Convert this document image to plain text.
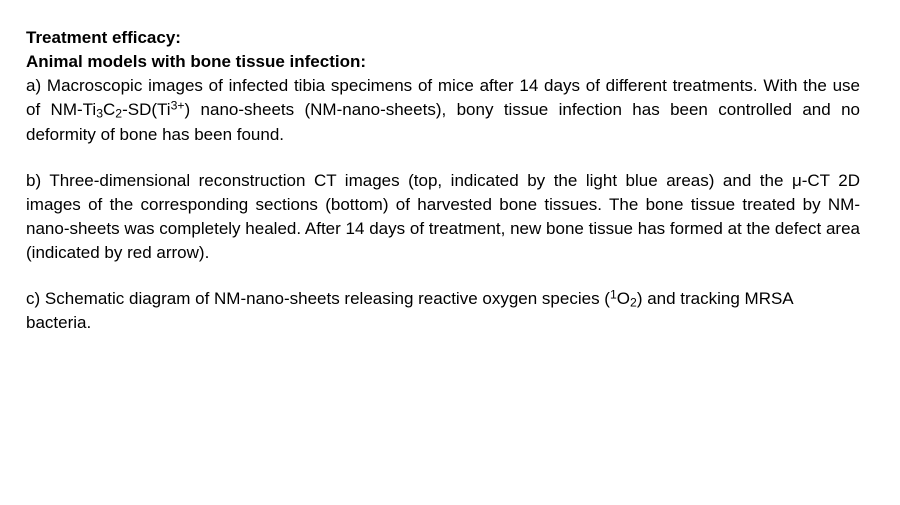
Treatment efficacy:
Animal models with bone tissue infection:

a) Macroscopic images of infected tibia specimens of mice after 14 days of different treatments. With the use of $NM-Ti_3C_2-SD(Ti^{3+})$ nano-sheets (NM-nano-sheets), bony tissue infection has been controlled and no deformity of bone has been found.

b) Three-dimensional reconstruction CT images (top, indicated by the light blue areas) and the μ-CT 2D images of the corresponding sections (bottom) of harvested bone tissues. The bone tissue treated by NM-nano-sheets was completely healed. After 14 days of treatment, new bone tissue has formed at the defect area (indicated by red arrow).

c) Schematic diagram of NM-nano-sheets releasing reactive oxygen species $(^1O_2)$ and tracking MRSA bacteria.
